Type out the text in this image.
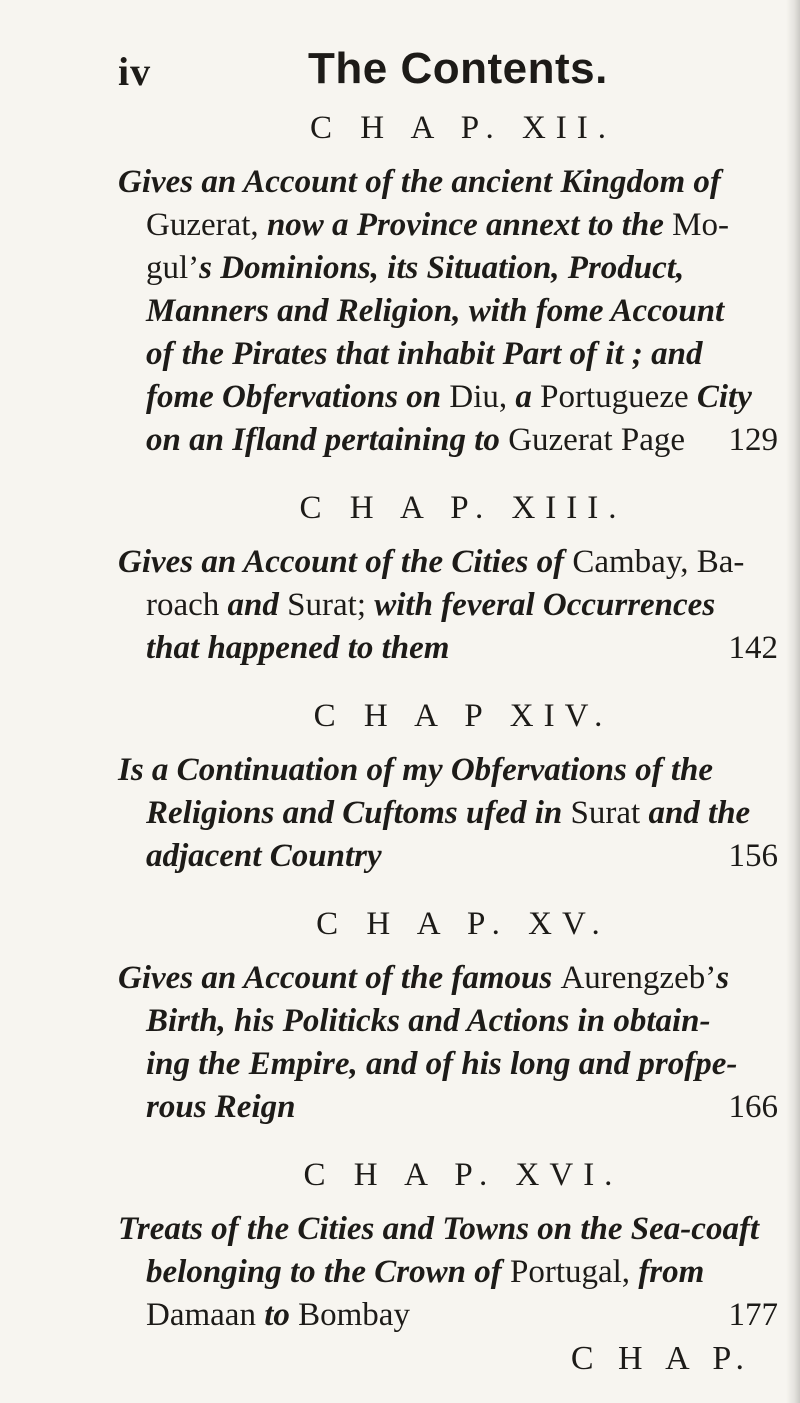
iv	The Contents.
C H A P. XII.
Gives an Account of the ancient Kingdom of
Guzerat, now a Province annext to the Mo-
gul’s Dominions, its Situation, Product,
Manners and Religion, with fome Account
of the Pirates that inhabit Part of it ; and
fome Obfervations on Diu, a Portugueze City
on an Ifland pertaining to Guzerat Page 129
C H A P. XIII.
Gives an Account of the Cities of Cambay, Ba-
roach and Surat; with feveral Occurrences
that happened to them	142
C H A P XIV.
Is a Continuation of my Obfervations of the
Religions and Cuftoms ufed in Surat and the
adjacent Country	156
C H A P. XV.
Gives an Account of the famous Aurengzeb’s
Birth, his Politicks and Actions in obtain-
ing the Empire, and of his long and profpe-
rous Reign	166
C H A P. XVI.
Treats of the Cities and Towns on the Sea-coaft
belonging to the Crown of Portugal, from
Damaan to Bombay	177
C H A P.
